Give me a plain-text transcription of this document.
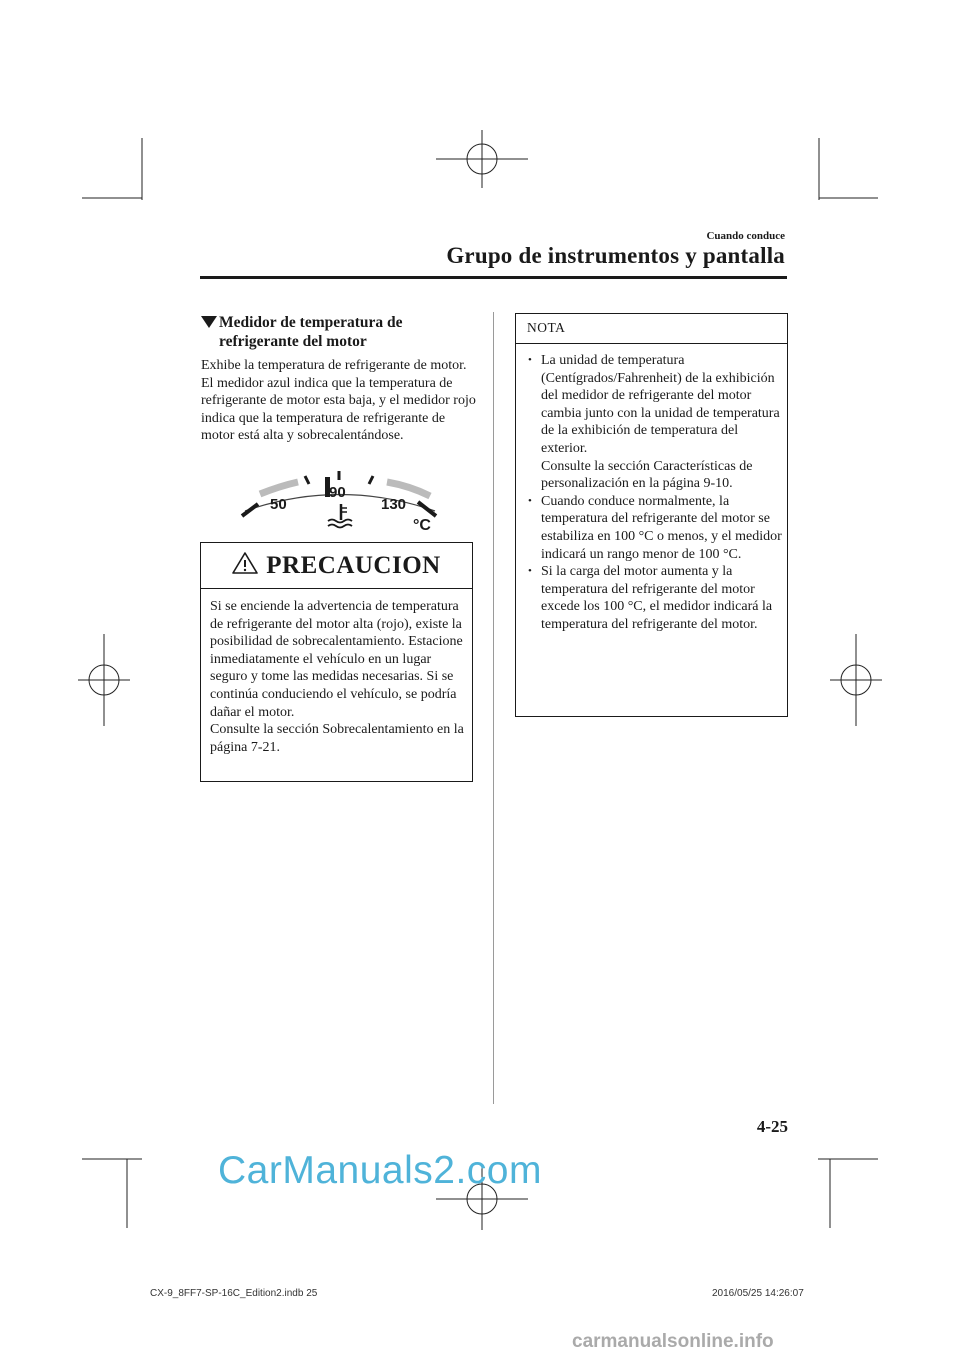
Cuando conduce
Grupo de instrumentos y pantalla
Medidor de temperatura de refrigerante del motor
Exhibe la temperatura de refrigerante de motor. El medidor azul indica que la temperatura de refrigerante de motor esta baja, y el medidor rojo indica que la temperatura de refrigerante de motor está alta y sobrecalentándose.
50
90
130
°C
PRECAUCION
Si se enciende la advertencia de temperatura de refrigerante del motor alta (rojo), existe la posibilidad de sobrecalentamiento. Estacione inmediatamente el vehículo en un lugar seguro y tome las medidas necesarias. Si se continúa conduciendo el vehículo, se podría dañar el motor.
Consulte la sección Sobrecalentamiento en la página 7-21.
NOTA
• La unidad de temperatura (Centígrados/Fahrenheit) de la exhibición del medidor de refrigerante del motor cambia junto con la unidad de temperatura de la exhibición de temperatura del exterior.
Consulte la sección Características de personalización en la página 9-10.
• Cuando conduce normalmente, la temperatura del refrigerante del motor se estabiliza en 100 °C o menos, y el medidor indicará un rango menor de 100 °C.
• Si la carga del motor aumenta y la temperatura del refrigerante del motor excede los 100 °C, el medidor indicará la temperatura del refrigerante del motor.
4-25
CarManuals2.com
CX-9_8FF7-SP-16C_Edition2.indb 25	2016/05/25 14:26:07
carmanualsonline.info
